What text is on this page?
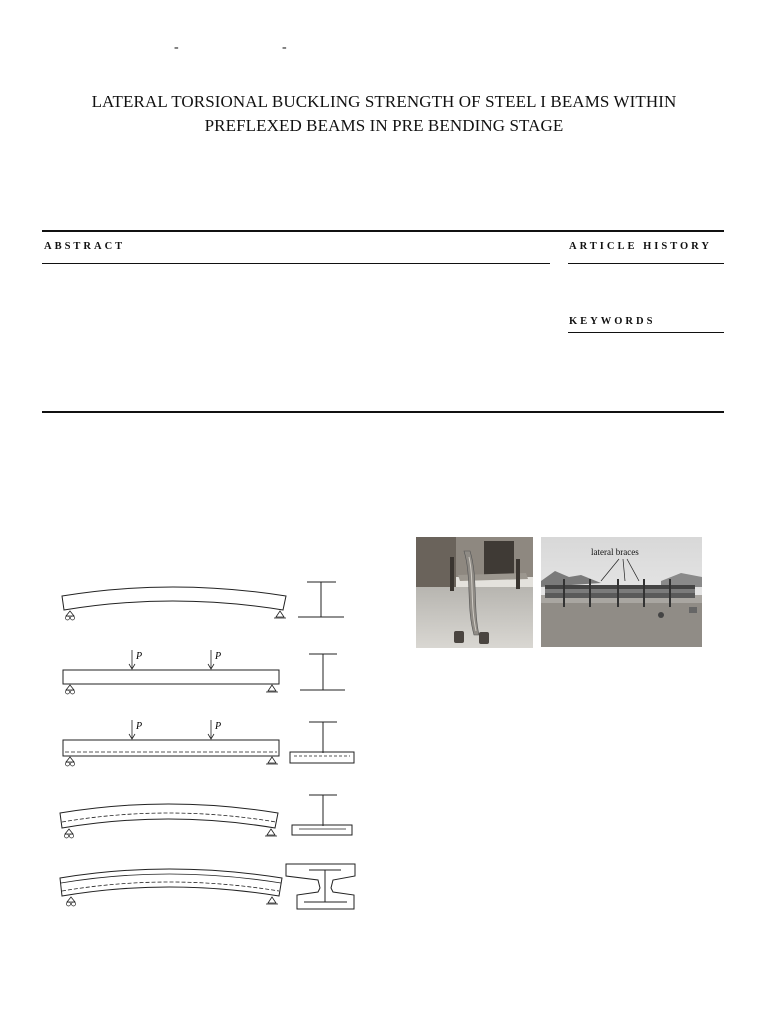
-	-
LATERAL TORSIONAL BUCKLING STRENGTH OF STEEL I BEAMS WITHIN
PREFLEXED BEAMS IN PRE BENDING STAGE
ABSTRACT	ARTICLE HISTORY
KEYWORDS
P	P
P	P
lateral braces
